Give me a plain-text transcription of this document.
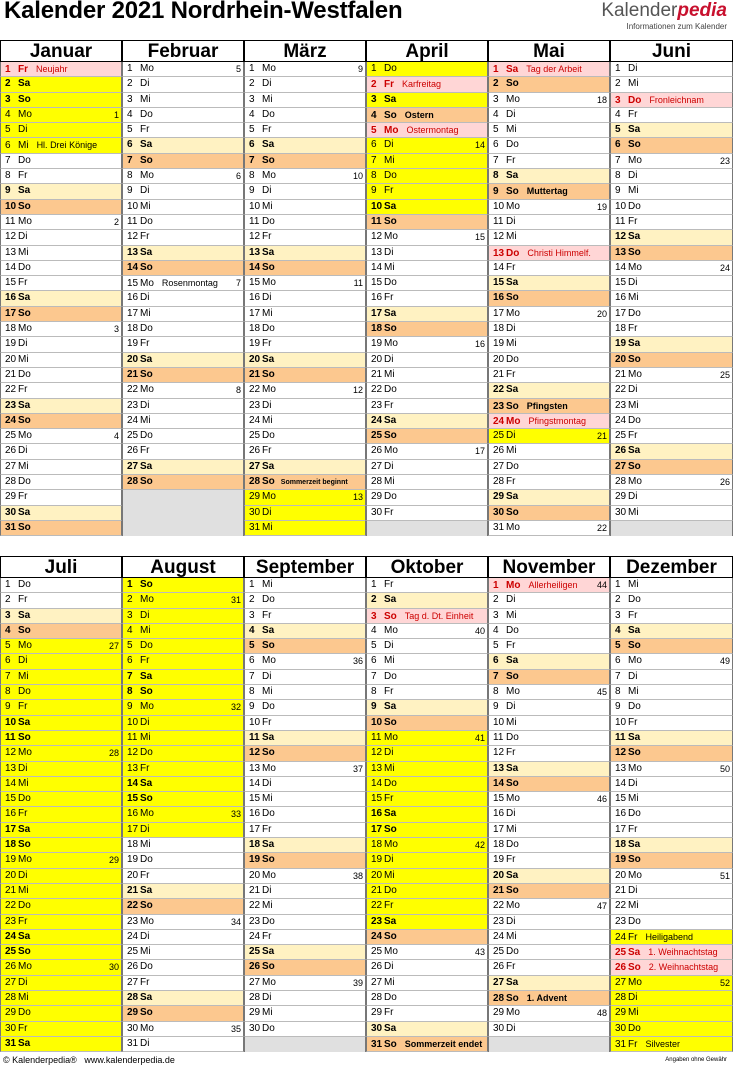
Kalender 2021 Nordrhein-Westfalen	Kalenderpedia
Informationen zum Kalender
Januar
1 Fr Neujahr
2 Sa
3 So
4 Mo	1
5 Di
6 Mi Hl. Drei Könige
7 Do
8 Fr
9 Sa
10 So
11 Mo	2
12 Di
13 Mi
14 Do
15 Fr
16 Sa
17 So
18 Mo	3
19 Di
20 Mi
21 Do
22 Fr
23 Sa
24 So
25 Mo	4
26 Di
27 Mi
28 Do
29 Fr
30 Sa
31 So
Februar
1 Mo	5
2 Di
3 Mi
4 Do
5 Fr
6 Sa
7 So
8 Mo	6
9 Di
10 Mi
11 Do
12 Fr
13 Sa
14 So
15 Mo Rosenmontag 7
16 Di
17 Mi
18 Do
19 Fr
20 Sa
21 So
22 Mo	8
23 Di
24 Mi
25 Do
26 Fr
27 Sa
28 So
März
1 Mo	9
2 Di
3 Mi
4 Do
5 Fr
6 Sa
7 So
8 Mo	10
9 Di
10 Mi
11 Do
12 Fr
13 Sa
14 So
15 Mo	11
16 Di
17 Mi
18 Do
19 Fr
20 Sa
21 So
22 Mo	12
23 Di
24 Mi
25 Do
26 Fr
27 Sa
28 So Sommerzeit beginnt
29 Mo	13
30 Di
31 Mi
April
1 Do
2 Fr Karfreitag
3 Sa
4 So Ostern
5 Mo Ostermontag
6 Di	14
7 Mi
8 Do
9 Fr
10 Sa
11 So
12 Mo	15
13 Di
14 Mi
15 Do
16 Fr
17 Sa
18 So
19 Mo	16
20 Di
21 Mi
22 Do
23 Fr
24 Sa
25 So
26 Mo	17
27 Di
28 Mi
29 Do
30 Fr
Mai
1 Sa Tag der Arbeit
2 So
3 Mo	18
4 Di
5 Mi
6 Do
7 Fr
8 Sa
9 So Muttertag
10 Mo	19
11 Di
12 Mi
13 Do Christi Himmelf.
14 Fr
15 Sa
16 So
17 Mo	20
18 Di
19 Mi
20 Do
21 Fr
22 Sa
23 So Pfingsten
24 Mo Pfingstmontag
25 Di	21
26 Mi
27 Do
28 Fr
29 Sa
30 So
31 Mo	22
Juni
1 Di
2 Mi
3 Do Fronleichnam
4 Fr
5 Sa
6 So
7 Mo	23
8 Di
9 Mi
10 Do
11 Fr
12 Sa
13 So
14 Mo	24
15 Di
16 Mi
17 Do
18 Fr
19 Sa
20 So
21 Mo	25
22 Di
23 Mi
24 Do
25 Fr
26 Sa
27 So
28 Mo	26
29 Di
30 Mi
Juli
1 Do
2 Fr
3 Sa
4 So
5 Mo	27
6 Di
7 Mi
8 Do
9 Fr
10 Sa
11 So
12 Mo	28
13 Di
14 Mi
15 Do
16 Fr
17 Sa
18 So
19 Mo	29
20 Di
21 Mi
22 Do
23 Fr
24 Sa
25 So
26 Mo	30
27 Di
28 Mi
29 Do
30 Fr
31 Sa
August
1 So
2 Mo	31
3 Di
4 Mi
5 Do
6 Fr
7 Sa
8 So
9 Mo	32
10 Di
11 Mi
12 Do
13 Fr
14 Sa
15 So
16 Mo	33
17 Di
18 Mi
19 Do
20 Fr
21 Sa
22 So
23 Mo	34
24 Di
25 Mi
26 Do
27 Fr
28 Sa
29 So
30 Mo	35
31 Di
September
1 Mi
2 Do
3 Fr
4 Sa
5 So
6 Mo	36
7 Di
8 Mi
9 Do
10 Fr
11 Sa
12 So
13 Mo	37
14 Di
15 Mi
16 Do
17 Fr
18 Sa
19 So
20 Mo	38
21 Di
22 Mi
23 Do
24 Fr
25 Sa
26 So
27 Mo	39
28 Di
29 Mi
30 Do
Oktober
1 Fr
2 Sa
3 So Tag d. Dt. Einheit
4 Mo	40
5 Di
6 Mi
7 Do
8 Fr
9 Sa
10 So
11 Mo	41
12 Di
13 Mi
14 Do
15 Fr
16 Sa
17 So
18 Mo	42
19 Di
20 Mi
21 Do
22 Fr
23 Sa
24 So
25 Mo	43
26 Di
27 Mi
28 Do
29 Fr
30 Sa
31 So Sommerzeit endet
November
1 Mo Allerheiligen 44
2 Di
3 Mi
4 Do
5 Fr
6 Sa
7 So
8 Mo	45
9 Di
10 Mi
11 Do
12 Fr
13 Sa
14 So
15 Mo	46
16 Di
17 Mi
18 Do
19 Fr
20 Sa
21 So
22 Mo	47
23 Di
24 Mi
25 Do
26 Fr
27 Sa
28 So 1. Advent
29 Mo	48
30 Di
Dezember
1 Mi
2 Do
3 Fr
4 Sa
5 So
6 Mo	49
7 Di
8 Mi
9 Do
10 Fr
11 Sa
12 So
13 Mo	50
14 Di
15 Mi
16 Do
17 Fr
18 Sa
19 So
20 Mo	51
21 Di
22 Mi
23 Do
24 Fr Heiligabend
25 Sa 1. Weihnachtstag
26 So 2. Weihnachtstag
27 Mo	52
28 Di
29 Mi
30 Do
31 Fr Silvester
© Kalenderpedia® www.kalenderpedia.de	Angaben ohne Gewähr
